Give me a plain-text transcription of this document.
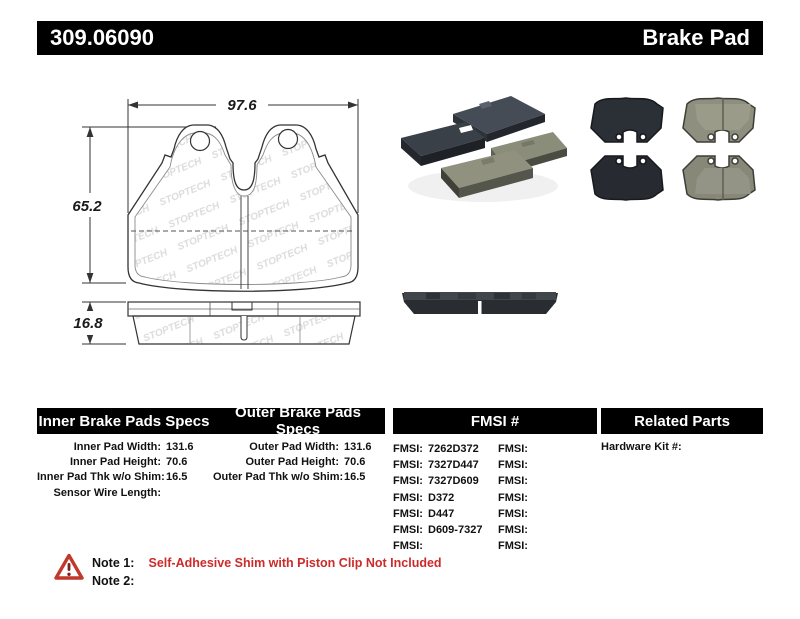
309.06090	Brake Pad
97.6
65.2
16.8
Inner Brake Pads Specs	Outer Brake Pads Specs	FMSI #	Related Parts
Inner Pad Width: 131.6
Inner Pad Height: 70.6
Inner Pad Thk w/o Shim: 16.5
Sensor Wire Length:
Outer Pad Width: 131.6
Outer Pad Height: 70.6
Outer Pad Thk w/o Shim: 16.5
FMSI: 7262D372	FMSI:
FMSI: 7327D447	FMSI:
FMSI: 7327D609	FMSI:
FMSI: D372	FMSI:
FMSI: D447	FMSI:
FMSI: D609-7327	FMSI:
FMSI:	FMSI:
Hardware Kit #:
Note 1: Self-Adhesive Shim with Piston Clip Not Included
Note 2:
